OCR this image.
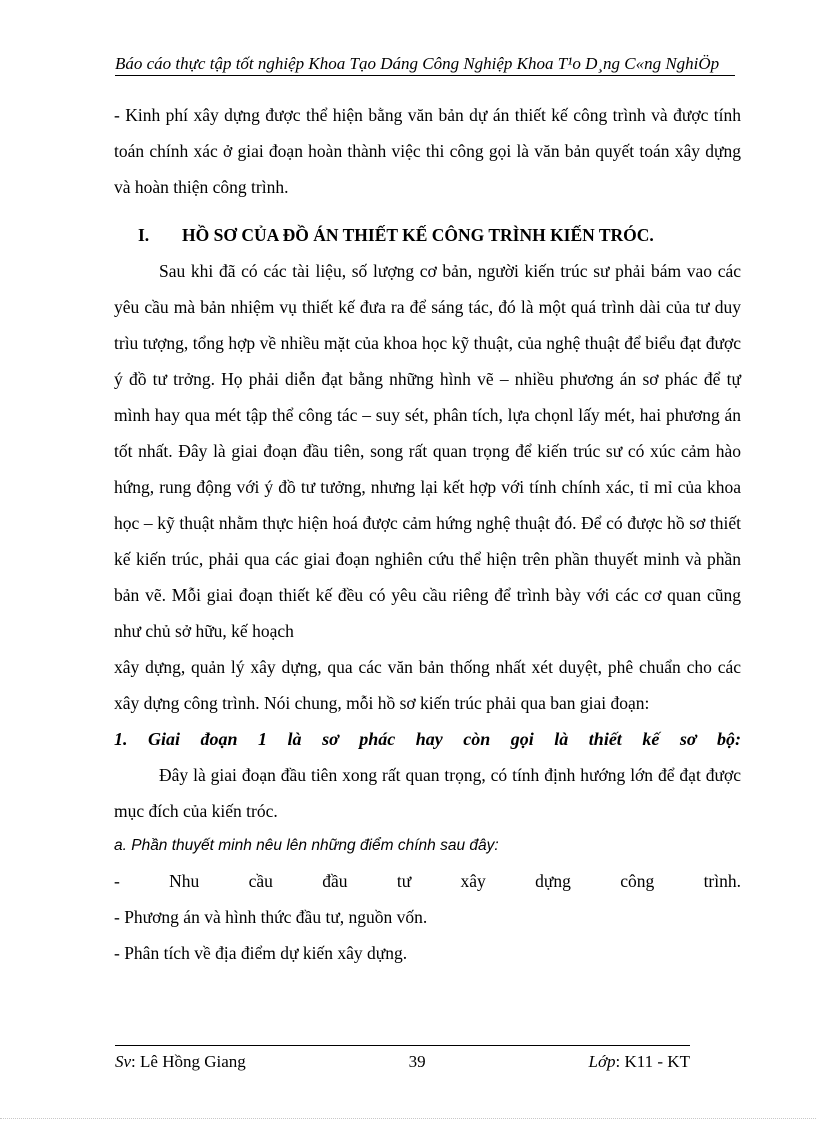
Báo cáo thực tập tốt nghiệp Khoa Tạo Dáng Công Nghiệp Khoa T¹o D¸ng C«ng NghiÖp

- Kinh phí xây dựng được thể hiện bằng văn bản dự án thiết kế công trình và được tính toán chính xác ở giai đoạn hoàn thành việc thi công gọi là văn bản quyết toán xây dựng và hoàn thiện công trình.

I.	HỒ SƠ CỦA ĐỒ ÁN THIẾT KẾ CÔNG TRÌNH KIẾN TRÓC.

Sau khi đã có các tài liệu, số lượng cơ bản, người kiến trúc sư phải bám vao các yêu cầu mà bản nhiệm vụ thiết kế đưa ra để sáng tác, đó là một quá trình dài của tư duy trìu tượng, tổng hợp về nhiều mặt của khoa học kỹ thuật, của nghệ thuật để biểu đạt được ý đồ tư trởng. Họ phải diễn đạt bằng những hình vẽ – nhiều phương án sơ phác để tự mình hay qua mét tập thể công tác – suy sét, phân tích, lựa chọnl lấy mét, hai phương án tốt nhất. Đây là giai đoạn đầu tiên, song rất quan trọng để kiến trúc sư có xúc cảm hào hứng, rung động với ý đồ tư tưởng, nhưng lại kết hợp với tính chính xác, tỉ mỉ của khoa học – kỹ thuật nhằm thực hiện hoá được cảm hứng nghệ thuật đó. Để có được hồ sơ thiết kế kiến trúc, phải qua các giai đoạn nghiên cứu thể hiện trên phần thuyết minh và phần bản vẽ. Mỗi giai đoạn thiết kế đều có yêu cầu riêng để trình bày với các cơ quan cũng như chủ sở hữu, kế hoạch

xây dựng, quản lý xây dựng, qua các văn bản thống nhất xét duyệt, phê chuẩn cho các xây dựng công trình. Nói chung, mỗi hồ sơ kiến trúc phải qua ban giai đoạn:

1. Giai đoạn 1 là sơ phác hay còn gọi là thiết kế sơ bộ:

Đây là giai đoạn đầu tiên xong rất quan trọng, có tính định hướng lớn để đạt được mục đích của kiến tróc.

a. Phần thuyết minh nêu lên những điểm chính sau đây:

- Nhu cầu đầu tư xây dựng công trình.

- Phương án và hình thức đầu tư, nguồn vốn.

- Phân tích về địa điểm dự kiến xây dựng.

Sv: Lê Hồng Giang	39	Lớp: K11 - KT
